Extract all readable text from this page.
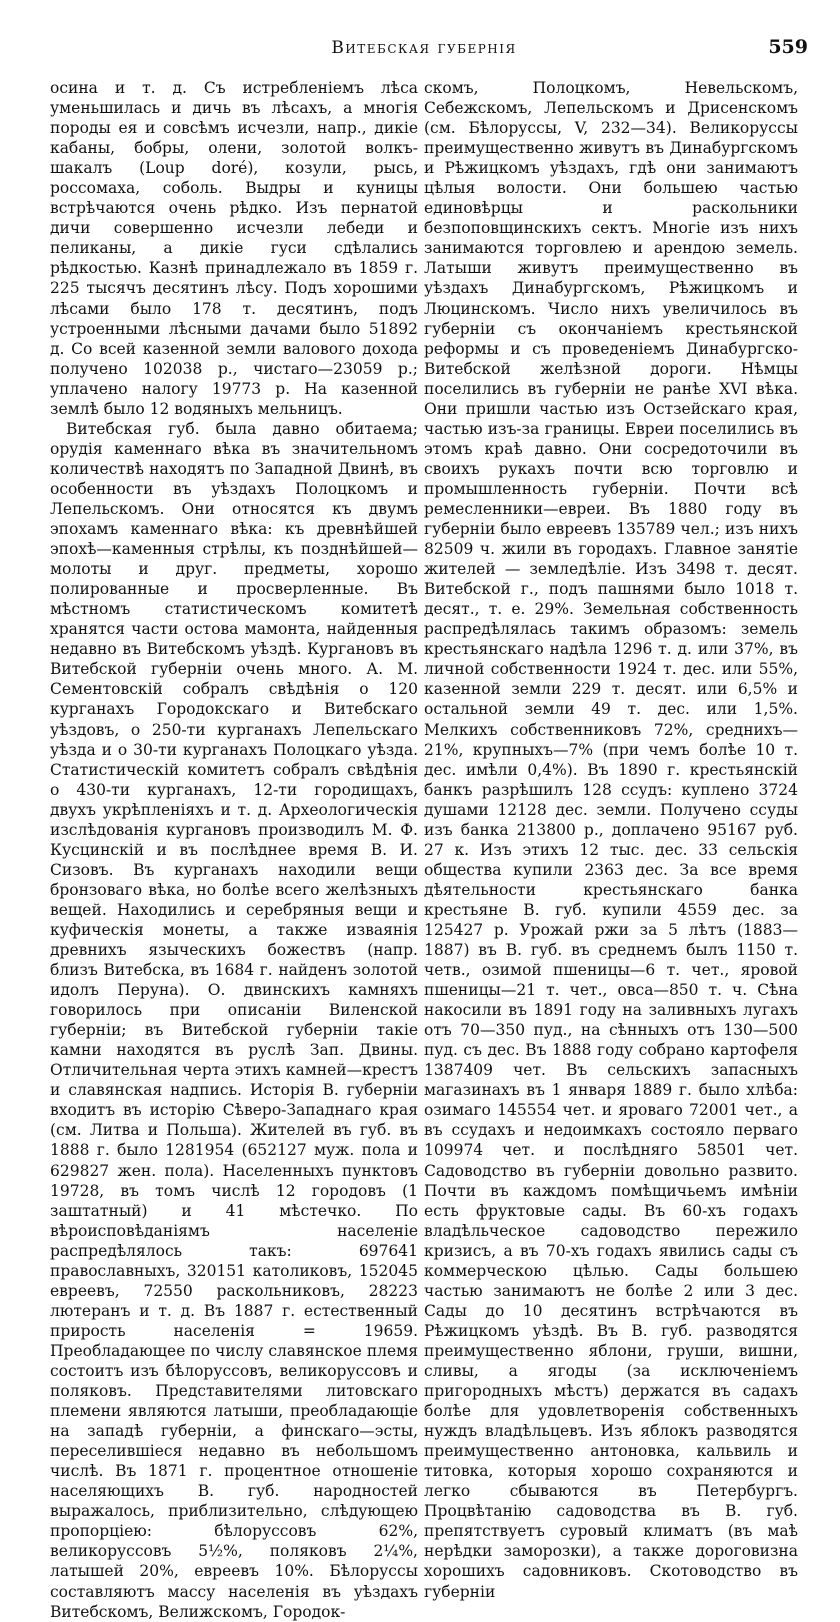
Витебская губернія	559

осина и т. д. Съ истребленіемъ лѣса уменьшилась и дичь въ лѣсахъ, а многія породы ея и совсѣмъ исчезли, напр., дикіе кабаны, бобры, олени, золотой волкъ-шакалъ (Loup doré), козули, рысь, россомаха, соболь. Выдры и куницы встрѣчаются очень рѣдко. Изъ пернатой дичи совершенно исчезли лебеди и пеликаны, а дикіе гуси сдѣлались рѣдкостью. Казнѣ принадлежало въ 1859 г. 225 тысячъ десятинъ лѣсу. Подъ хорошими лѣсами было 178 т. десятинъ, подъ устроенными лѣсными дачами было 51892 д. Со всей казенной земли валового дохода получено 102038 р., чистаго—23059 р.; уплачено налогу 19773 р. На казенной землѣ было 12 водяныхъ мельницъ.

Витебская губ. была давно обитаема; орудія каменнаго вѣка въ значительномъ количествѣ находятъ по Западной Двинѣ, въ особенности въ уѣздахъ Полоцкомъ и Лепельскомъ. Они относятся къ двумъ эпохамъ каменнаго вѣка: къ древнѣйшей эпохѣ—каменныя стрѣлы, къ позднѣйшей—молоты и друг. предметы, хорошо полированные и просверленные. Въ мѣстномъ статистическомъ комитетѣ хранятся части остова мамонта, найденныя недавно въ Витебскомъ уѣздѣ. Кургановъ въ Витебской губерніи очень много. А. М. Сементовскій собралъ свѣдѣнія о 120 курганахъ Городокскаго и Витебскаго уѣздовъ, о 250-ти курганахъ Лепельскаго уѣзда и о 30-ти курганахъ Полоцкаго уѣзда. Статистическій комитетъ собралъ свѣдѣнія о 430-ти курганахъ, 12-ти городищахъ, двухъ укрѣпленіяхъ и т. д. Археологическія изслѣдованія кургановъ производилъ М. Ф. Кусцинскій и въ послѣднее время В. И. Сизовъ. Въ курганахъ находили вещи бронзоваго вѣка, но болѣе всего желѣзныхъ вещей. Находились и серебряныя вещи и куфическія монеты, а также изваянія древнихъ языческихъ божествъ (напр. близъ Витебска, въ 1684 г. найденъ золотой идолъ Перуна). О. двинскихъ камняхъ говорилось при описаніи Виленской губерніи; въ Витебской губерніи такіе камни находятся въ руслѣ Зап. Двины. Отличительная черта этихъ камней—крестъ и славянская надпись. Исторія В. губерніи входитъ въ исторію Сѣверо-Западнаго края (см. Литва и Польша). Жителей въ губ. въ 1888 г. было 1281954 (652127 муж. пола и 629827 жен. пола). Населенныхъ пунктовъ 19728, въ томъ числѣ 12 городовъ (1 заштатный) и 41 мѣстечко. По вѣроисповѣданіямъ населеніе распредѣлялось такъ: 697641 православныхъ, 320151 католиковъ, 152045 евреевъ, 72550 раскольниковъ, 28223 лютеранъ и т. д. Въ 1887 г. естественный прирость населенія = 19659. Преобладающее по числу славянское племя состоитъ изъ бѣлоруссовъ, великоруссовъ и поляковъ. Представителями литовскаго племени являются латыши, преобладающіе на западѣ губерніи, а финскаго—эсты, переселившіеся недавно въ небольшомъ числѣ. Въ 1871 г. процентное отношеніе населяющихъ В. губ. народностей выражалось, приблизительно, слѣдующею пропорціею: бѣлоруссовъ 62%, великоруссовъ 5½%, поляковъ 2¼%, латышей 20%, евреевъ 10%. Бѣлоруссы составляютъ массу населенія въ уѣздахъ Витебскомъ, Велижскомъ, Городок-

скомъ, Полоцкомъ, Невельскомъ, Себежскомъ, Лепельскомъ и Дрисенскомъ (см. Бѣлоруссы, V, 232—34). Великоруссы преимущественно живутъ въ Динабургскомъ и Рѣжицкомъ уѣздахъ, гдѣ они занимаютъ цѣлыя волости. Они большею частью единовѣрцы и раскольники безпоповщинскихъ сектъ. Многіе изъ нихъ занимаются торговлею и арендою земель. Латыши живутъ преимущественно въ уѣздахъ Динабургскомъ, Рѣжицкомъ и Люцинскомъ. Число нихъ увеличилось въ губерніи съ окончаніемъ крестьянской реформы и съ проведеніемъ Динабургско-Витебской желѣзной дороги. Нѣмцы поселились въ губерніи не ранѣе XVI вѣка. Они пришли частью изъ Остзейскаго края, частью изъ-за границы. Евреи поселились въ этомъ краѣ давно. Они сосредоточили въ своихъ рукахъ почти всю торговлю и промышленность губерніи. Почти всѣ ремесленники—евреи. Въ 1880 году въ губерніи было евреевъ 135789 чел.; изъ нихъ 82509 ч. жили въ городахъ. Главное занятіе жителей — земледѣліе. Изъ 3498 т. десят. Витебской г., подъ пашнями было 1018 т. десят., т. е. 29%. Земельная собственность распредѣлялась такимъ образомъ: земель крестьянскаго надѣла 1296 т. д. или 37%, въ личной собственности 1924 т. дес. или 55%, казенной земли 229 т. десят. или 6,5% и остальной земли 49 т. дес. или 1,5%. Мелкихъ собственниковъ 72%, среднихъ—21%, крупныхъ—7% (при чемъ болѣе 10 т. дес. имѣли 0,4%). Въ 1890 г. крестьянскій банкъ разрѣшилъ 128 ссудъ: куплено 3724 душами 12128 дес. земли. Получено ссуды изъ банка 213800 р., доплачено 95167 руб. 27 к. Изъ этихъ 12 тыс. дес. 33 сельскія общества купили 2363 дес. За все время дѣятельности крестьянскаго банка крестьяне В. губ. купили 4559 дес. за 125427 р. Урожай ржи за 5 лѣтъ (1883—1887) въ В. губ. въ среднемъ былъ 1150 т. четв., озимой пшеницы—6 т. чет., яровой пшеницы—21 т. чет., овса—850 т. ч. Сѣна накосили въ 1891 году на заливныхъ лугахъ отъ 70—350 пуд., на сѣнныхъ отъ 130—500 пуд. съ дес. Въ 1888 году собрано картофеля 1387409 чет. Въ сельскихъ запасныхъ магазинахъ въ 1 января 1889 г. было хлѣба: озимаго 145554 чет. и яроваго 72001 чет., а въ ссудахъ и недоимкахъ состояло перваго 109974 чет. и послѣдняго 58501 чет. Садоводство въ губерніи довольно развито. Почти въ каждомъ помѣщичьемъ имѣніи есть фруктовые сады. Въ 60-хъ годахъ владѣльческое садоводство пережило кризисъ, а въ 70-хъ годахъ явились сады съ коммерческою цѣлью. Сады большею частью занимаютъ не болѣе 2 или 3 дес. Сады до 10 десятинъ встрѣчаются въ Рѣжицкомъ уѣздѣ. Въ В. губ. разводятся преимущественно яблони, груши, вишни, сливы, а ягоды (за исключеніемъ пригородныхъ мѣстъ) держатся въ садахъ болѣе для удовлетворенія собственныхъ нуждъ владѣльцевъ. Изъ яблокъ разводятся преимущественно антоновка, кальвиль и титовка, которыя хорошо сохраняются и легко сбываются въ Петербургъ. Процвѣтанію садоводства въ В. губ. препятствуетъ суровый климатъ (въ маѣ нерѣдки заморозки), а также дороговизна хорошихъ садовниковъ. Скотоводство въ губерніи
